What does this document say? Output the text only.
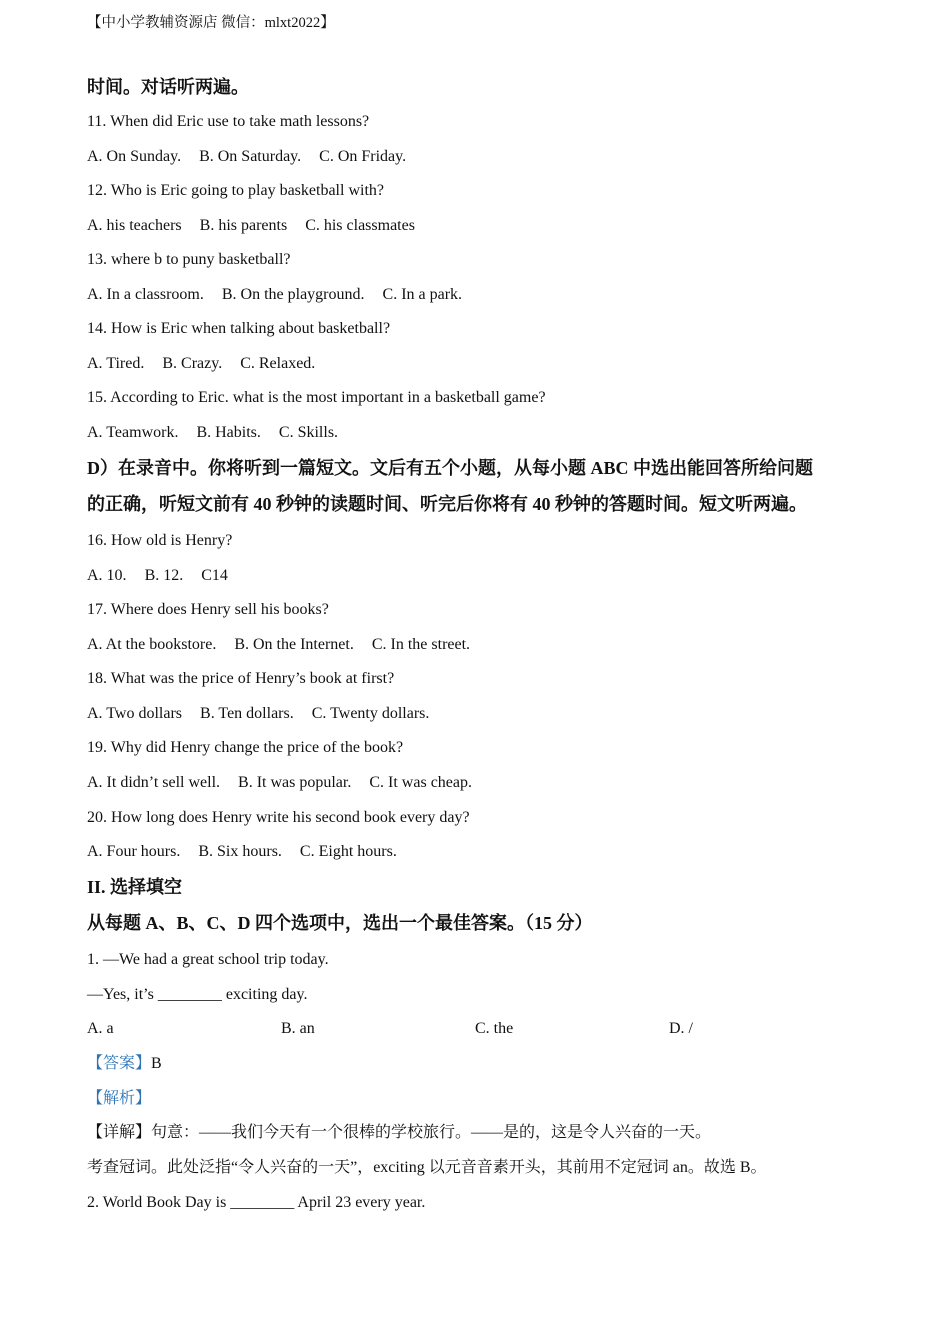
【中小学教辅资源店 微信：mlxt2022】
时间。对话听两遍。
11. When did Eric use to take math lessons?
A. On Sunday. B. On Saturday. C. On Friday.
12. Who is Eric going to play basketball with?
A. his teachers B. his parents C. his classmates
13. where b to puny basketball?
A. In a classroom. B. On the playground. C. In a park.
14. How is Eric when talking about basketball?
A. Tired. B. Crazy. C. Relaxed.
15. According to Eric. what is the most important in a basketball game?
A. Teamwork. B. Habits. C. Skills.
D）在录音中。你将听到一篇短文。文后有五个小题，从每小题 ABC 中选出能回答所给问题
的正确，听短文前有 40 秒钟的读题时间、听完后你将有 40 秒钟的答题时间。短文听两遍。
16. How old is Henry?
A. 10. B. 12. C14
17. Where does Henry sell his books?
A. At the bookstore. B. On the Internet. C. In the street.
18. What was the price of Henry’s book at first?
A. Two dollars B. Ten dollars. C. Twenty dollars.
19. Why did Henry change the price of the book?
A. It didn’t sell well. B. It was popular. C. It was cheap.
20. How long does Henry write his second book every day?
A. Four hours. B. Six hours. C. Eight hours.
II. 选择填空
从每题 A、B、C、D 四个选项中，选出一个最佳答案。（15 分）
1. —We had a great school trip today.
—Yes, it’s ________ exciting day.
A. a	B. an	C. the	D. /
【答案】B
【解析】
【详解】句意：——我们今天有一个很棒的学校旅行。——是的，这是令人兴奋的一天。
考查冠词。此处泛指“令人兴奋的一天”，exciting 以元音音素开头，其前用不定冠词 an。故选 B。
2. World Book Day is ________ April 23 every year.
